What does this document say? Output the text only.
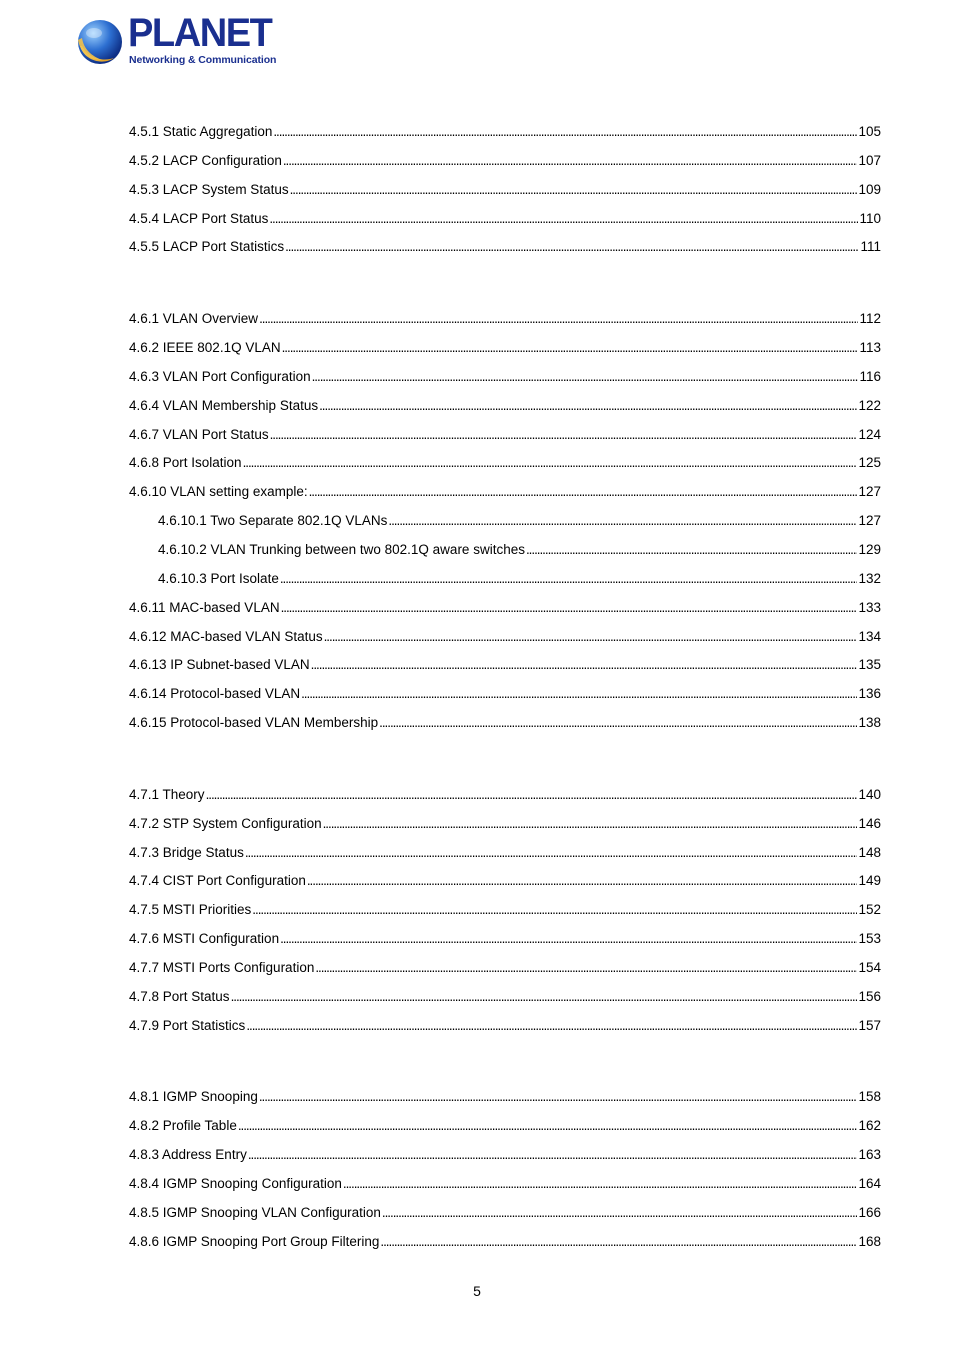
PLANET
Networking & Communication
4.5.1 Static Aggregation . . .	105
4.5.2 LACP Configuration . . .	107
4.5.3 LACP System Status . . .	109
4.5.4 LACP Port Status . . .	110
4.5.5 LACP Port Statistics . . .	111
4.6.1 VLAN Overview . . .	112
4.6.2 IEEE 802.1Q VLAN . . .	113
4.6.3 VLAN Port Configuration . . .	116
4.6.4 VLAN Membership Status . . .	122
4.6.7 VLAN Port Status . . .	124
4.6.8 Port Isolation . . .	125
4.6.10 VLAN setting example: . . .	127
4.6.10.1 Two Separate 802.1Q VLANs . . .	127
4.6.10.2 VLAN Trunking between two 802.1Q aware switches . . .	129
4.6.10.3 Port Isolate . . .	132
4.6.11 MAC-based VLAN . . .	133
4.6.12 MAC-based VLAN Status . . .	134
4.6.13 IP Subnet-based VLAN . . .	135
4.6.14 Protocol-based VLAN . . .	136
4.6.15 Protocol-based VLAN Membership . . .	138
4.7.1 Theory . . .	140
4.7.2 STP System Configuration . . .	146
4.7.3 Bridge Status . . .	148
4.7.4 CIST Port Configuration . . .	149
4.7.5 MSTI Priorities . . .	152
4.7.6 MSTI Configuration . . .	153
4.7.7 MSTI Ports Configuration . . .	154
4.7.8 Port Status . . .	156
4.7.9 Port Statistics . . .	157
4.8.1 IGMP Snooping . . .	158
4.8.2 Profile Table . . .	162
4.8.3 Address Entry . . .	163
4.8.4 IGMP Snooping Configuration . . .	164
4.8.5 IGMP Snooping VLAN Configuration . . .	166
4.8.6 IGMP Snooping Port Group Filtering . . .	168
5
